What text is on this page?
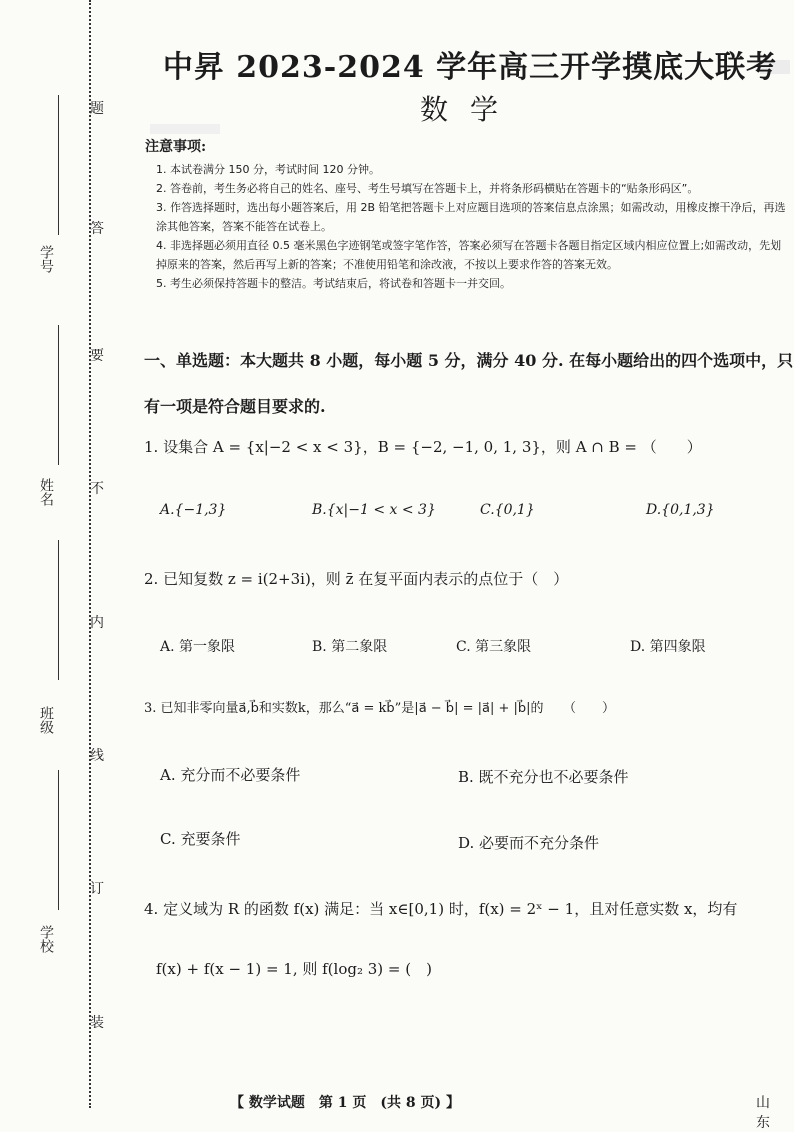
学号
姓名
班级
学校
题
答
要
不
内
线
订
装
中昇 2023-2024 学年高三开学摸底大联考
数学
注意事项:
1. 本试卷满分 150 分，考试时间 120 分钟。
2. 答卷前，考生务必将自己的姓名、座号、考生号填写在答题卡上，并将条形码横贴在答题卡的“贴条形码区”。
3. 作答选择题时，选出每小题答案后，用 2B 铅笔把答题卡上对应题目选项的答案信息点涂黑；如需改动，用橡皮擦干净后，再选涂其他答案，答案不能答在试卷上。
4. 非选择题必须用直径 0.5 毫米黑色字迹钢笔或签字笔作答，答案必须写在答题卡各题目指定区域内相应位置上;如需改动，先划掉原来的答案，然后再写上新的答案；不准使用铅笔和涂改液，不按以上要求作答的答案无效。
5. 考生必须保持答题卡的整洁。考试结束后，将试卷和答题卡一并交回。
一、单选题：本大题共 8 小题，每小题 5 分，满分 40 分. 在每小题给出的四个选项中，只
有一项是符合题目要求的.
1. 设集合 A = {x|−2 < x < 3}，B = {−2, −1, 0, 1, 3}，则 A ∩ B = （　　）
A.{−1,3}	B.{x|−1 < x < 3}	C.{0,1}	D.{0,1,3}
2. 已知复数 z = i(2+3i)，则 z̄ 在复平面内表示的点位于（　）
A. 第一象限	B. 第二象限	C. 第三象限	D. 第四象限
3. 已知非零向量a⃗,b⃗和实数k，那么“a⃗ = kb⃗”是|a⃗ − b⃗| = |a⃗| + |b⃗|的　　（　　）
A. 充分而不必要条件	B. 既不充分也不必要条件
C. 充要条件	D. 必要而不充分条件
4. 定义域为 R 的函数 f(x) 满足：当 x∈[0,1) 时，f(x) = 2ˣ − 1，且对任意实数 x，均有
f(x) + f(x − 1) = 1, 则 f(log₂ 3) = (　)
【 数学试题　第 1 页　(共 8 页) 】	山　东
